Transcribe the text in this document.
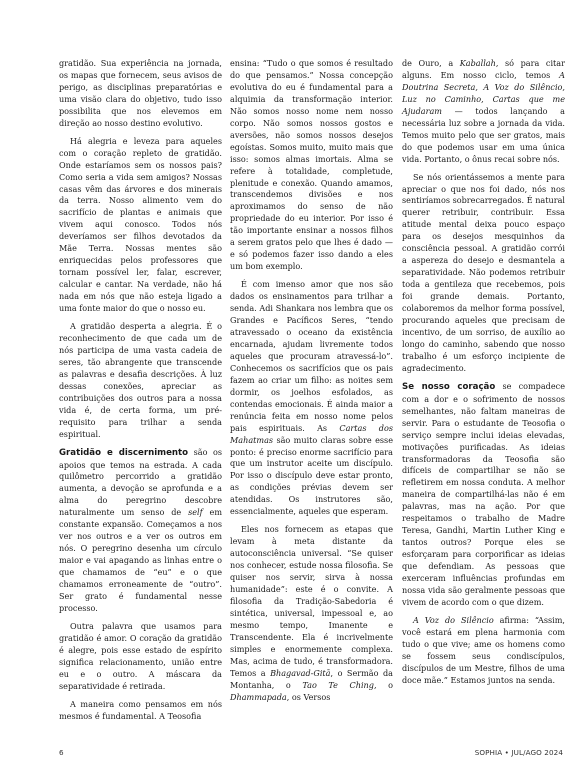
gratidão. Sua experiência na jornada, os mapas que fornecem, seus avisos de perigo, as disciplinas preparatórias e uma visão clara do objetivo, tudo isso possibilita que nos elevemos em direção ao nosso destino evolutivo.

Há alegria e leveza para aqueles com o coração repleto de gratidão. Onde estaríamos sem os nossos pais? Como seria a vida sem amigos? Nossas casas vêm das árvores e dos minerais da terra. Nosso alimento vem do sacrifício de plantas e animais que vivem aqui conosco. Todos nós deveríamos ser filhos devotados da Mãe Terra. Nossas mentes são enriquecidas pelos professores que tornam possível ler, falar, escrever, calcular e cantar. Na verdade, não há nada em nós que não esteja ligado a uma fonte maior do que o nosso eu.

A gratidão desperta a alegria. É o reconhecimento de que cada um de nós participa de uma vasta cadeia de seres, tão abrangente que transcende as palavras e desafia descrições. À luz dessas conexões, apreciar as contribuições dos outros para a nossa vida é, de certa forma, um pré-requisito para trilhar a senda espiritual.

Gratidão e discernimento são os apoios que temos na estrada. A cada quilômetro percorrido a gratidão aumenta, a devoção se aprofunda e a alma do peregrino descobre naturalmente um senso de self em constante expansão. Começamos a nos ver nos outros e a ver os outros em nós. O peregrino desenha um círculo maior e vai apagando as linhas entre o que chamamos de “eu” e o que chamamos erroneamente de “outro”. Ser grato é fundamental nesse processo.

Outra palavra que usamos para gratidão é amor. O coração da gratidão é alegre, pois esse estado de espírito significa relacionamento, união entre eu e o outro. A máscara da separatividade é retirada.

A maneira como pensamos em nós mesmos é fundamental. A Teosofia

ensina: “Tudo o que somos é resultado do que pensamos.” Nossa concepção evolutiva do eu é fundamental para a alquimia da transformação interior. Não somos nosso nome nem nosso corpo. Não somos nossos gostos e aversões, não somos nossos desejos egoístas. Somos muito, muito mais que isso: somos almas imortais. Alma se refere à totalidade, completude, plenitude e conexão. Quando amamos, transcendemos divisões e nos aproximamos do senso de não propriedade do eu interior. Por isso é tão importante ensinar a nossos filhos a serem gratos pelo que lhes é dado — e só podemos fazer isso dando a eles um bom exemplo.

É com imenso amor que nos são dados os ensinamentos para trilhar a senda. Adi Shankara nos lembra que os Grandes e Pacíficos Seres, “tendo atravessado o oceano da existência encarnada, ajudam livremente todos aqueles que procuram atravessá-lo”. Conhecemos os sacrifícios que os pais fazem ao criar um filho: as noites sem dormir, os joelhos esfolados, as contendas emocionais. É ainda maior a renúncia feita em nosso nome pelos pais espirituais. As Cartas dos Mahatmas são muito claras sobre esse ponto: é preciso enorme sacrifício para que um instrutor aceite um discípulo. Por isso o discípulo deve estar pronto, as condições prévias devem ser atendidas. Os instrutores são, essencialmente, aqueles que esperam.

Eles nos fornecem as etapas que levam à meta distante da autoconsciência universal. “Se quiser nos conhecer, estude nossa filosofia. Se quiser nos servir, sirva à nossa humanidade”: este é o convite. A filosofia da Tradição-Sabedoria é sintética, universal, impessoal e, ao mesmo tempo, Imanente e Transcendente. Ela é incrivelmente simples e enormemente complexa. Mas, acima de tudo, é transformadora. Temos a Bhagavad-Gitā, o Sermão da Montanha, o Tao Te Ching, o Dhammapada, os Versos

de Ouro, a Kaballah, só para citar alguns. Em nosso ciclo, temos A Doutrina Secreta, A Voz do Silêncio, Luz no Caminho, Cartas que me Ajudaram — todos lançando a necessária luz sobre a jornada da vida. Temos muito pelo que ser gratos, mais do que podemos usar em uma única vida. Portanto, o ônus recai sobre nós.

Se nós orientássemos a mente para apreciar o que nos foi dado, nós nos sentiríamos sobrecarregados. É natural querer retribuir, contribuir. Essa atitude mental deixa pouco espaço para os desejos mesquinhos da consciência pessoal. A gratidão corrói a aspereza do desejo e desmantela a separatividade. Não podemos retribuir toda a gentileza que recebemos, pois foi grande demais. Portanto, colaboremos da melhor forma possível, procurando aqueles que precisam de incentivo, de um sorriso, de auxílio ao longo do caminho, sabendo que nosso trabalho é um esforço incipiente de agradecimento.

Se nosso coração se compadece com a dor e o sofrimento de nossos semelhantes, não faltam maneiras de servir. Para o estudante de Teosofia o serviço sempre inclui ideias elevadas, motivações purificadas. As ideias transformadoras da Teosofia são difíceis de compartilhar se não se refletirem em nossa conduta. A melhor maneira de compartilhá-las não é em palavras, mas na ação. Por que respeitamos o trabalho de Madre Teresa, Gandhi, Martin Luther King e tantos outros? Porque eles se esforçaram para corporificar as ideias que defendiam. As pessoas que exerceram influências profundas em nossa vida são geralmente pessoas que vivem de acordo com o que dizem.

A Voz do Silêncio afirma: “Assim, você estará em plena harmonia com tudo o que vive; ame os homens como se fossem seus condiscípulos, discípulos de um Mestre, filhos de uma doce mãe.” Estamos juntos na senda.

6	SOPHIA • JUL/AGO 2024
